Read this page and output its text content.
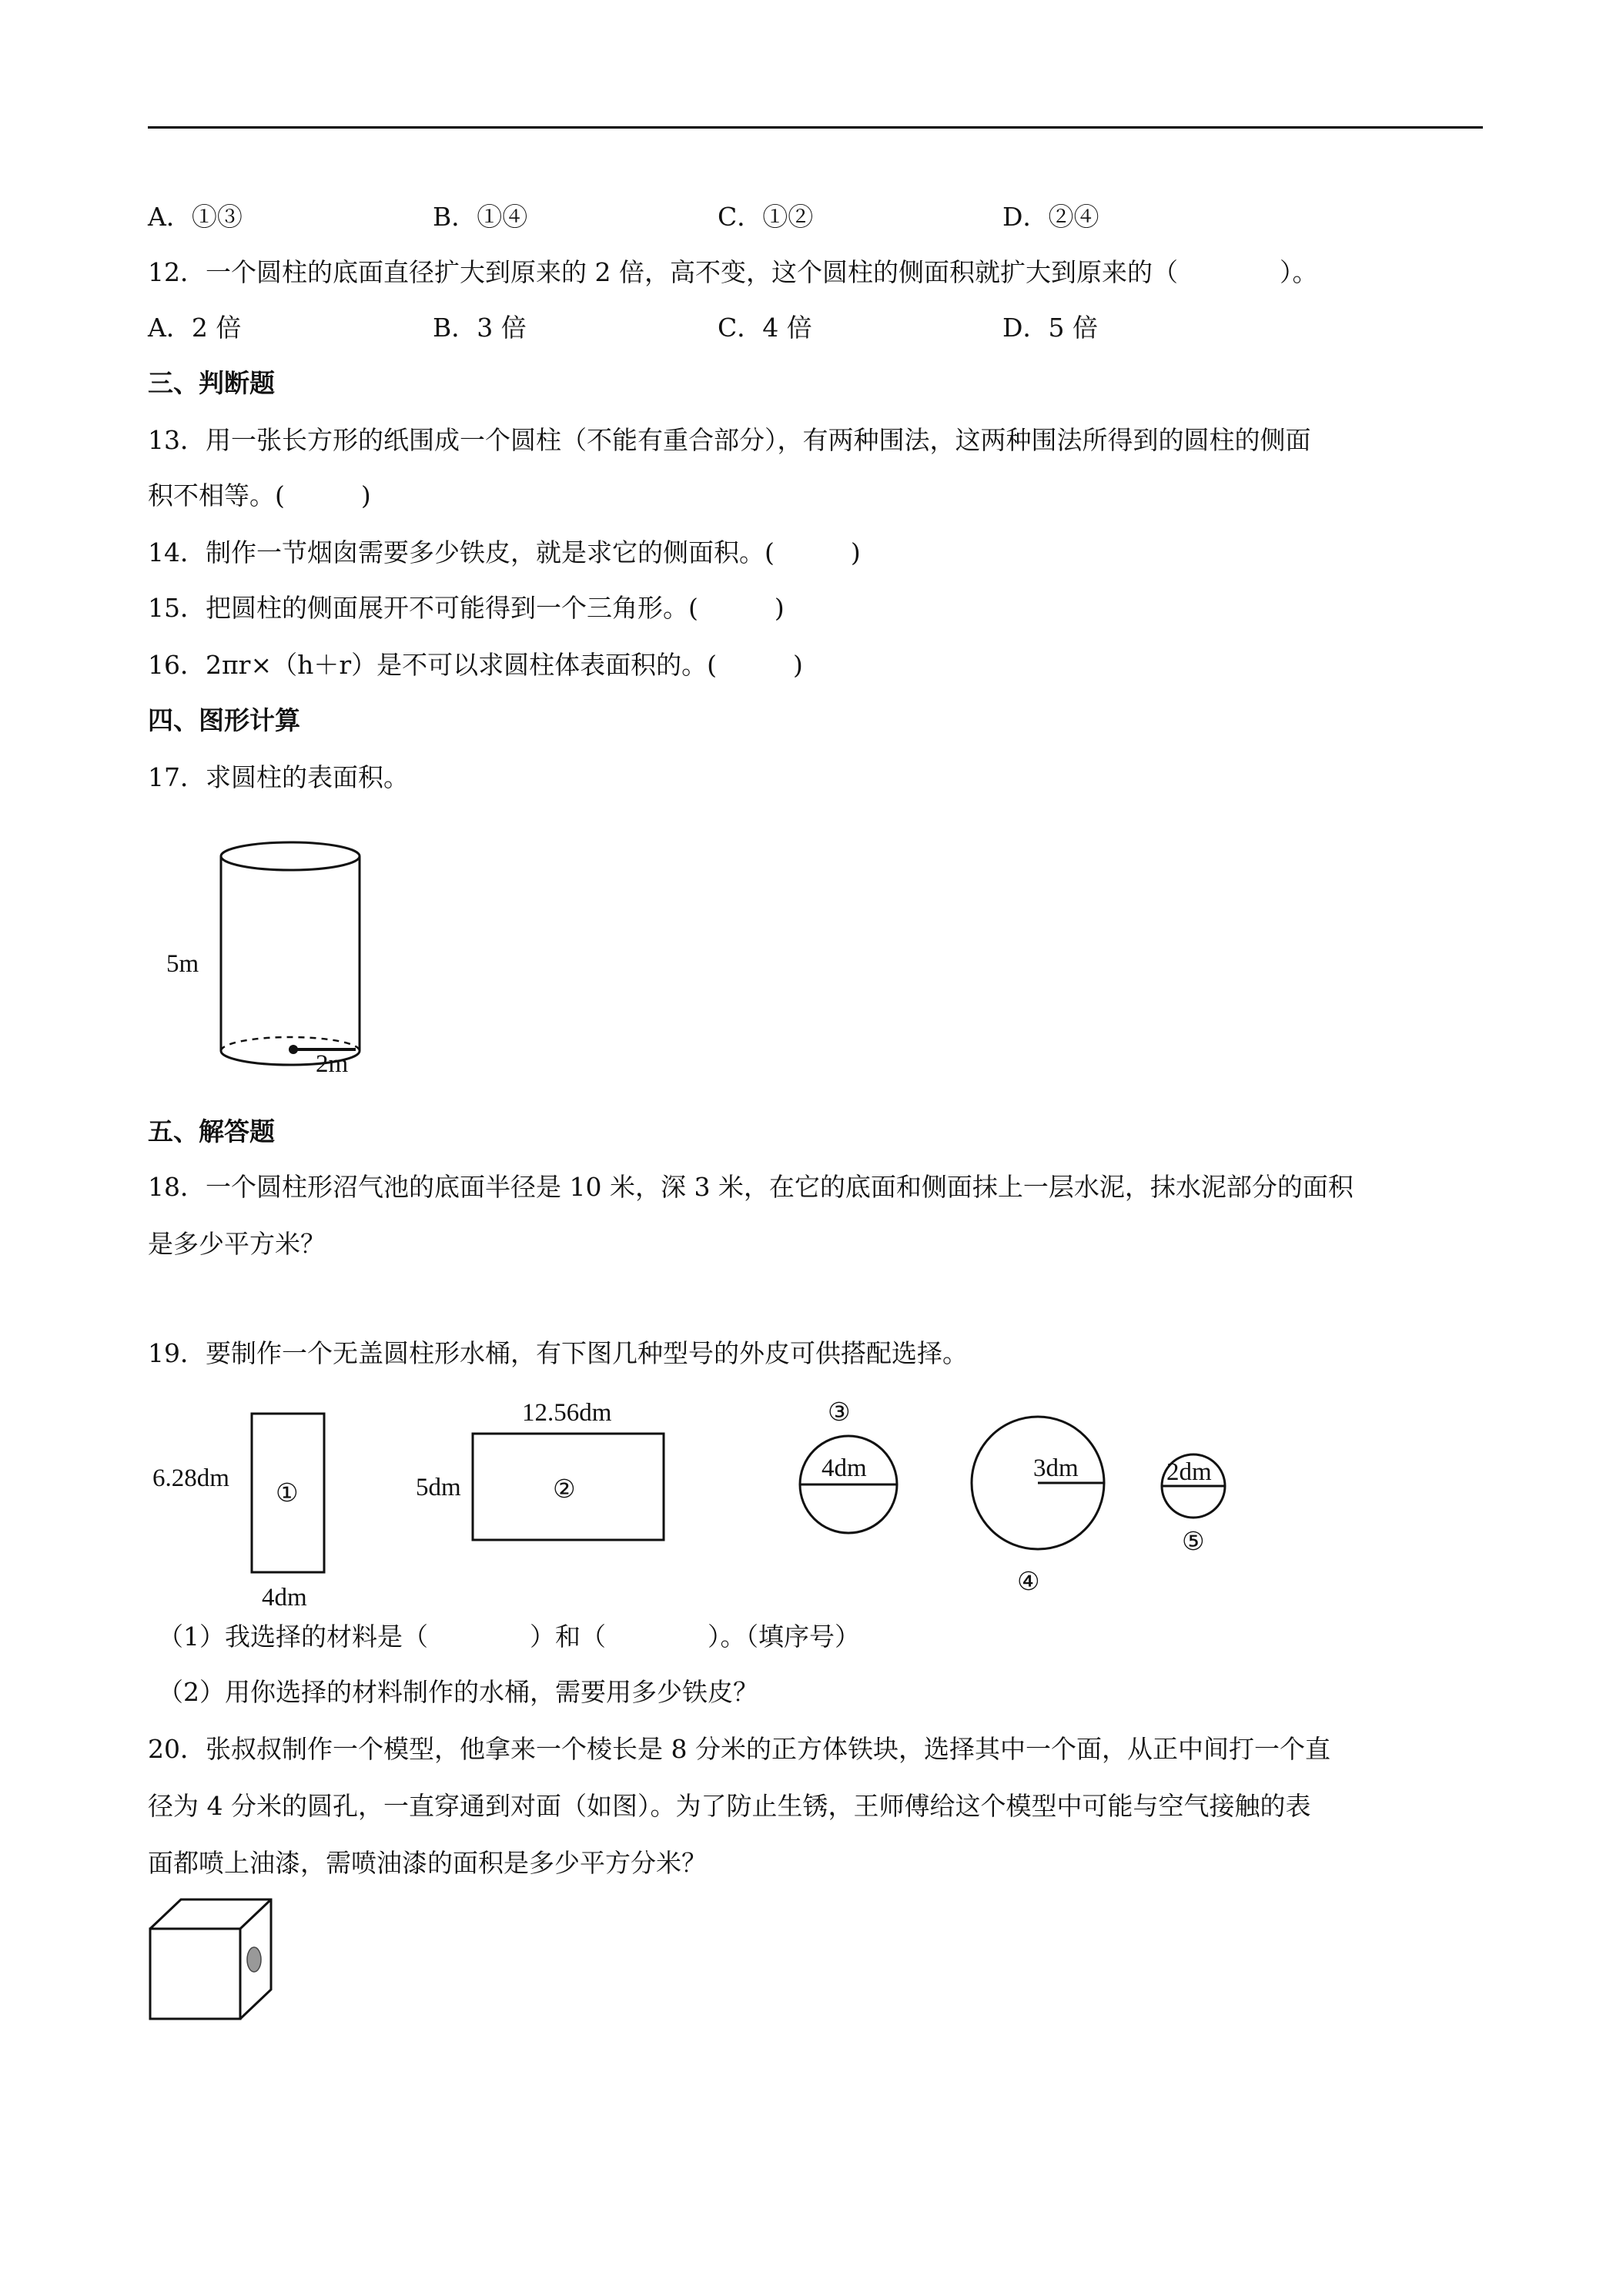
A．①③	B．①④	C．①②	D．②④
12．一个圆柱的底面直径扩大到原来的 2 倍，高不变，这个圆柱的侧面积就扩大到原来的（　　　　）。
A．2 倍	B．3 倍	C．4 倍	D．5 倍
三、判断题
13．用一张长方形的纸围成一个圆柱（不能有重合部分），有两种围法，这两种围法所得到的圆柱的侧面
积不相等。(　　　)
14．制作一节烟囱需要多少铁皮，就是求它的侧面积。(　　　)
15．把圆柱的侧面展开不可能得到一个三角形。(　　　)
16．2πr×（h＋r）是不可以求圆柱体表面积的。(　　　)
四、图形计算
17．求圆柱的表面积。
5m
2m
五、解答题
18．一个圆柱形沼气池的底面半径是 10 米，深 3 米，在它的底面和侧面抹上一层水泥，抹水泥部分的面积
是多少平方米？
19．要制作一个无盖圆柱形水桶，有下图几种型号的外皮可供搭配选择。
6.28dm
①
4dm
12.56dm
5dm	②
③
4dm	3dm
④
2dm
⑤
（1）我选择的材料是（　　　　）和（　　　　）。（填序号）
（2）用你选择的材料制作的水桶，需要用多少铁皮？
20．张叔叔制作一个模型，他拿来一个棱长是 8 分米的正方体铁块，选择其中一个面，从正中间打一个直
径为 4 分米的圆孔，一直穿通到对面（如图）。为了防止生锈，王师傅给这个模型中可能与空气接触的表
面都喷上油漆，需喷油漆的面积是多少平方分米？
